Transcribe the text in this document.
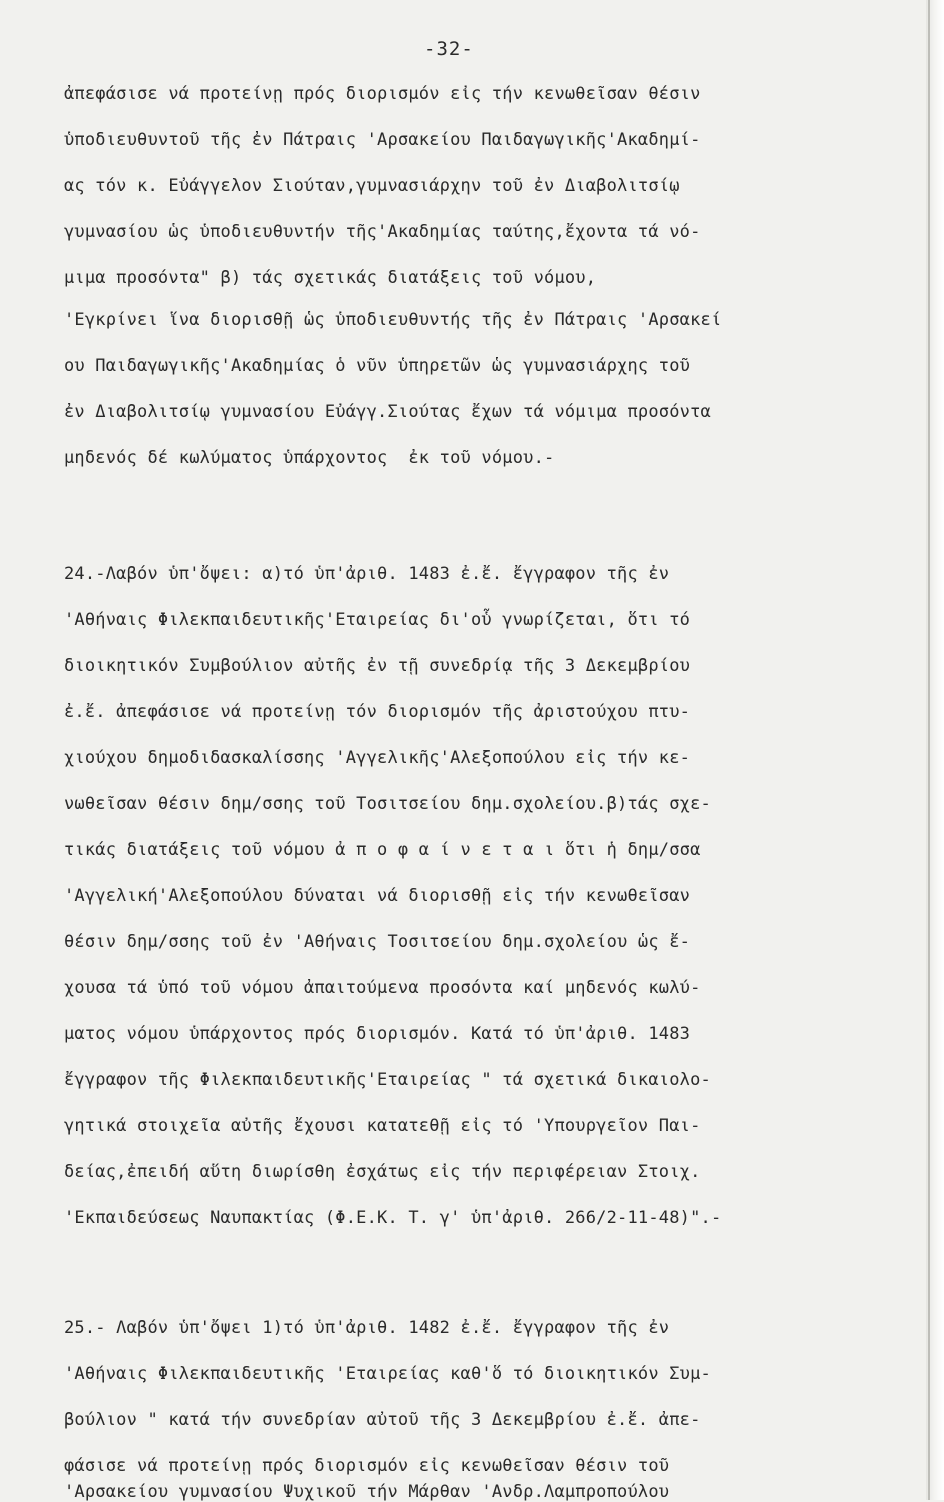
-32-
ἀπεφάσισε νά προτείνῃ πρός διορισμόν εἰς τήν κενωθεῖσαν θέσιν
ὑποδιευθυντοῦ τῆς ἐν Πάτραις 'Αρσακείου Παιδαγωγικῆς'Ακαδημί-
ας τόν κ. Εὐάγγελον Σιούταν,γυμνασιάρχην τοῦ ἐν Διαβολιτσίῳ
γυμνασίου ὡς ὑποδιευθυντήν τῆς'Ακαδημίας ταύτης,ἔχοντα τά νό-
μιμα προσόντα" β) τάς σχετικάς διατάξεις τοῦ νόμου,
'Εγκρίνει ἵνα διορισθῇ ὡς ὑποδιευθυντής τῆς ἐν Πάτραις 'Αρσακεί
ου Παιδαγωγικῆς'Ακαδημίας ὁ νῦν ὑπηρετῶν ὡς γυμνασιάρχης τοῦ
ἐν Διαβολιτσίῳ γυμνασίου Εὐάγγ.Σιούτας ἔχων τά νόμιμα προσόντα
μηδενός δέ κωλύματος ὑπάρχοντος  ἐκ τοῦ νόμου.-
24.-Λαβόν ὑπ'ὄψει: α)τό ὑπ'ἀριθ. 1483 ἐ.ἔ. ἔγγραφον τῆς ἐν
'Αθήναις Φιλεκπαιδευτικῆς'Εταιρείας δι'οὗ γνωρίζεται, ὅτι τό
διοικητικόν Συμβούλιον αὐτῆς ἐν τῇ συνεδρίᾳ τῆς 3 Δεκεμβρίου
ἐ.ἔ. ἀπεφάσισε νά προτείνῃ τόν διορισμόν τῆς ἀριστούχου πτυ-
χιούχου δημοδιδασκαλίσσης 'Αγγελικῆς'Αλεξοπούλου εἰς τήν κε-
νωθεῖσαν θέσιν δημ/σσης τοῦ Τοσιτσείου δημ.σχολείου.β)τάς σχε-
τικάς διατάξεις τοῦ νόμου ἀ π ο φ α ί ν ε τ α ι ὅτι ἡ δημ/σσα
'Αγγελική'Αλεξοπούλου δύναται νά διορισθῇ εἰς τήν κενωθεῖσαν
θέσιν δημ/σσης τοῦ ἐν 'Αθήναις Τοσιτσείου δημ.σχολείου ὡς ἔ-
χουσα τά ὑπό τοῦ νόμου ἀπαιτούμενα προσόντα καί μηδενός κωλύ-
ματος νόμου ὑπάρχοντος πρός διορισμόν. Κατά τό ὑπ'ἀριθ. 1483
ἔγγραφον τῆς Φιλεκπαιδευτικῆς'Εταιρείας " τά σχετικά δικαιολο-
γητικά στοιχεῖα αὐτῆς ἔχουσι κατατεθῇ εἰς τό 'Υπουργεῖον Παι-
δείας,ἐπειδή αὕτη διωρίσθη ἐσχάτως εἰς τήν περιφέρειαν Στοιχ.
'Εκπαιδεύσεως Ναυπακτίας (Φ.Ε.Κ. Τ. γ' ὑπ'ἀριθ. 266/2-11-48)".-
25.- Λαβόν ὑπ'ὄψει 1)τό ὑπ'ἀριθ. 1482 ἐ.ἔ. ἔγγραφον τῆς ἐν
'Αθήναις Φιλεκπαιδευτικῆς 'Εταιρείας καθ'ὅ τό διοικητικόν Συμ-
βούλιον " κατά τήν συνεδρίαν αὐτοῦ τῆς 3 Δεκεμβρίου ἐ.ἔ. ἀπε-
φάσισε νά προτείνῃ πρός διορισμόν εἰς κενωθεῖσαν θέσιν τοῦ
'Αρσακείου γυμνασίου Ψυχικοῦ τήν Μάρθαν 'Ανδρ.Λαμπροπούλου
